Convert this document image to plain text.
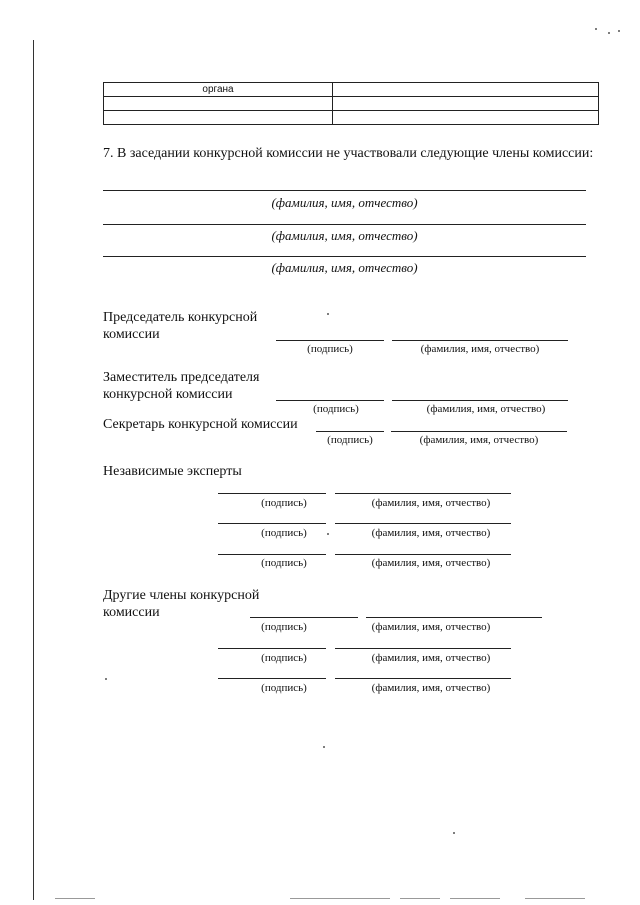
органа	

7. В заседании конкурсной комиссии не участвовали следующие члены комиссии:
(фамилия, имя, отчество)
(фамилия, имя, отчество)
(фамилия, имя, отчество)
Председатель конкурсной комиссии
(подпись)	(фамилия, имя, отчество)
Заместитель председателя конкурсной комиссии
(подпись)	(фамилия, имя, отчество)
Секретарь конкурсной комиссии
(подпись)	(фамилия, имя, отчество)
Независимые эксперты
(подпись)	(фамилия, имя, отчество)
(подпись)	(фамилия, имя, отчество)
(подпись)	(фамилия, имя, отчество)
Другие члены конкурсной комиссии
(подпись)	(фамилия, имя, отчество)
(подпись)	(фамилия, имя, отчество)
(подпись)	(фамилия, имя, отчество)
